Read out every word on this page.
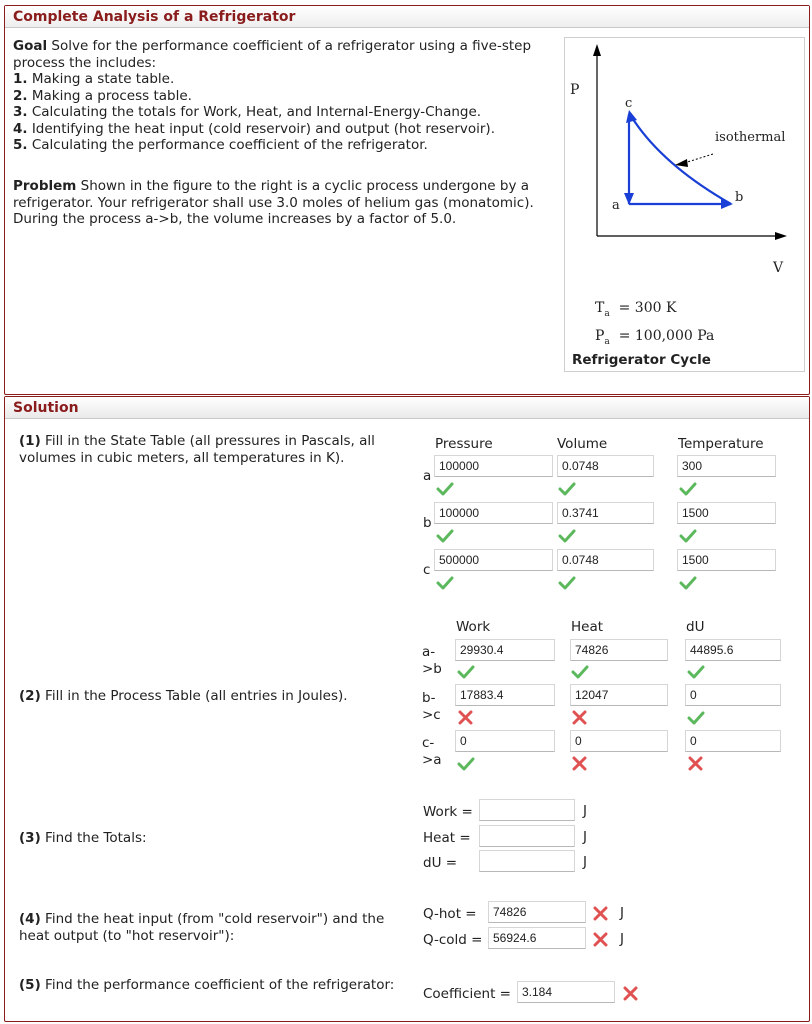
Complete Analysis of a Refrigerator
Goal Solve for the performance coefficient of a refrigerator using a five-step process the includes:
1. Making a state table.
2. Making a process table.
3. Calculating the totals for Work, Heat, and Internal-Energy-Change.
4. Identifying the heat input (cold reservoir) and output (hot reservoir).
5. Calculating the performance coefficient of the refrigerator.
Problem Shown in the figure to the right is a cyclic process undergone by a refrigerator. Your refrigerator shall use 3.0 moles of helium gas (monatomic). During the process a->b, the volume increases by a factor of 5.0.
P
V
c
a
b
isothermal
$T_a = 300$ K
$P_a = 100,000$ Pa
Refrigerator Cycle
Solution
(1) Fill in the State Table (all pressures in Pascals, all volumes in cubic meters, all temperatures in K).
Pressure	Volume	Temperature
a
100000	0.0748	300
b
100000	0.3741	1500
c
500000	0.0748	1500
Work	Heat	dU
a-
>b
29930.4	74826	44895.6
(2) Fill in the Process Table (all entries in Joules).	b-
>c
17883.4	12047	0
c-
>a
0	0	0
(3) Find the Totals:
Work =	J
Heat =	J
dU =	J
(4) Find the heat input (from "cold reservoir") and the heat output (to "hot reservoir"):
Q-hot =	74826	J
Q-cold = 56924.6	J
(5) Find the performance coefficient of the refrigerator:
Coefficient = 3.184
